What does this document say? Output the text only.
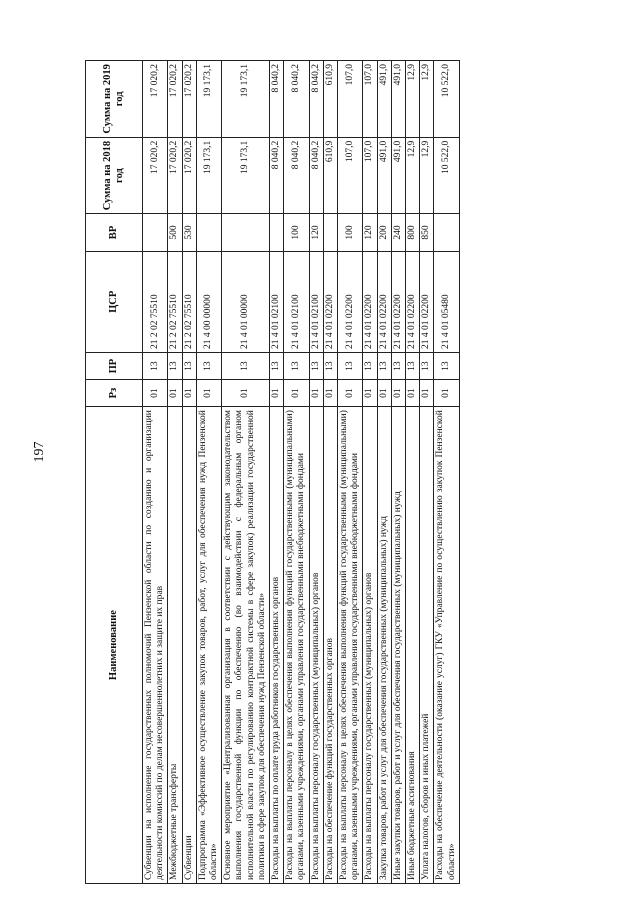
197
Наименование	Рз	ПР	ЦСР	ВР	Сумма на 2018 год	Сумма на 2019 год
Субвенции на исполнение государственных полномочий Пензенской области по созданию и организации деятельности комиссий по делам несовершеннолетних и защите их прав	01	13	21 2 02 75510		17 020,2	17 020,2
Межбюджетные трансферты	01	13	21 2 02 75510	500	17 020,2	17 020,2
Субвенции	01	13	21 2 02 75510	530	17 020,2	17 020,2
Подпрограмма «Эффективное осуществление закупок товаров, работ, услуг для обеспечения нужд Пензенской области»	01	13	21 4 00 00000		19 173,1	19 173,1
Основное мероприятие «Централизованная организация в соответствии с действующим законодательством выполнения государственной функции по обеспечению (во взаимодействии с федеральным органом исполнительной власти по регулированию контрактной системы в сфере закупок) реализации государственной политики в сфере закупок для обеспечения нужд Пензенской области»	01	13	21 4 01 00000		19 173,1	19 173,1
Расходы на выплаты по оплате труда работников государственных органов	01	13	21 4 01 02100		8 040,2	8 040,2
Расходы на выплаты персоналу в целях обеспечения выполнения функций государственными (муниципальными) органами, казенными учреждениями, органами управления государственными внебюджетными фондами	01	13	21 4 01 02100	100	8 040,2	8 040,2
Расходы на выплаты персоналу государственных (муниципальных) органов	01	13	21 4 01 02100	120	8 040,2	8 040,2
Расходы на обеспечение функций государственных органов	01	13	21 4 01 02200		610,9	610,9
Расходы на выплаты персоналу в целях обеспечения выполнения функций государственными (муниципальными) органами, казенными учреждениями, органами управления государственными внебюджетными фондами	01	13	21 4 01 02200	100	107,0	107,0
Расходы на выплаты персоналу государственных (муниципальных) органов	01	13	21 4 01 02200	120	107,0	107,0
Закупка товаров, работ и услуг для обеспечения государственных (муниципальных) нужд	01	13	21 4 01 02200	200	491,0	491,0
Иные закупки товаров, работ и услуг для обеспечения государственных (муниципальных) нужд	01	13	21 4 01 02200	240	491,0	491,0
Иные бюджетные ассигнования	01	13	21 4 01 02200	800	12,9	12,9
Уплата налогов, сборов и иных платежей	01	13	21 4 01 02200	850	12,9	12,9
Расходы на обеспечение деятельности (оказание услуг) ГКУ «Управление по осуществлению закупок Пензенской области»	01	13	21 4 01 05480		10 522,0	10 522,0
